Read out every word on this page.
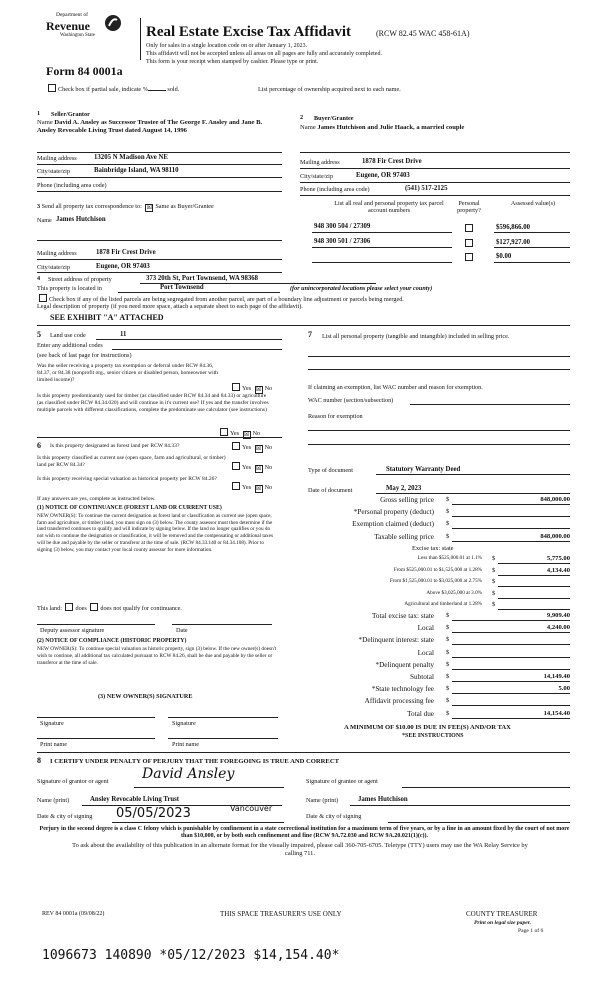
Department of
Revenue
Washington State	Real Estate Excise Tax Affidavit	(RCW 82.45 WAC 458-61A)
Only for sales in a single location code on or after January 1, 2023.
This affidavit will not be accepted unless all areas on all pages are fully and accurately completed.
This form is your receipt when stamped by cashier. Please type or print.
Form 84 0001a
Check box if partial sale, indicate %	sold.	List percentage of ownership acquired next to each name.
1 Seller/Grantor
Name David A. Ansley as Successor Trustee of The George F. Ansley and Jane B. Ansley Revocable Living Trust dated August 14, 1996
Mailing address	13205 N Madison Ave NE
City/state/zip	Bainbridge Island, WA 98110
Phone (including area code)
2 Buyer/Grantee
Name James Hutchison and Julie Haack, a married couple
Mailing address	1878 Fir Crest Drive
City/state/zip	Eugene, OR 97403
Phone (including area code)	(541) 517-2125
List all real and personal property tax parcel account numbers
Personal property?
Assessed value(s)
948 300 504 / 27309	$596,866.00
948 300 501 / 27306	$127,927.00
$0.00
3 Send all property tax correspondence to: ☒ Same as Buyer/Grantee
Name James Hutchison
Mailing address	1878 Fir Crest Drive
City/state/zip	Eugene, OR 97403
4 Street address of property	373 20th St, Port Townsend, WA 98368
This property is located in	Port Townsend	(for unincorporated locations please select your county)
Check box if any of the listed parcels are being segregated from another parcel, are part of a boundary line adjustment or parcels being merged.
Legal description of property (if you need more space, attach a separate sheet to each page of the affidavit).
SEE EXHIBIT "A" ATTACHED
5 Land use code	11
Enter any additional codes
(see back of last page for instructions)
Was the seller receiving a property tax exemption or deferral under RCW 84.36, 84.37, or 84.38 (nonprofit org., senior citizen or disabled person, homeowner with limited income)?
Yes ☒ No
Is this property predominantly used for timber (as classified under RCW 84.34 and 84.33) or agriculture (as classified under RCW 84.34.020) and will continue in it's current use? If yes and the transfer involves multiple parcels with different classifications, complete the predominate use calculator (see instructions)
Yes ☒ No
6 Is this property designated as forest land per RCW 84.33?	Yes ☒ No
Is this property classified as current use (open space, farm and agricultural, or timber) land per RCW 84.34?	Yes ☒ No
Is this property receiving special valuation as historical property per RCW 84.26?
Yes ☒ No
If any answers are yes, complete as instructed below.
(1) NOTICE OF CONTINUANCE (FOREST LAND OR CURRENT USE)
NEW OWNER(S): To continue the current designation as forest land or classification as current use (open space, farm and agriculture, or timber) land, you must sign on (3) below. The county assessor must then determine if the land transferred continues to qualify and will indicate by signing below. If the land no longer qualifies or you do not wish to continue the designation or classification, it will be removed and the compensating or additional taxes will be due and payable by the seller or transferor at the time of sale. (RCW 84.33.140 or 84.34.108). Prior to signing (3) below, you may contact your local county assessor for more information.
This land: does does not qualify for continuance.
Deputy assessor signature	Date
(2) NOTICE OF COMPLIANCE (HISTORIC PROPERTY)
NEW OWNER(S): To continue special valuation as historic property, sign (3) below. If the new owner(s) doesn't wish to continue, all additional tax calculated pursuant to RCW 84.26, shall be due and payable by the seller or transferor at the time of sale.
(3) NEW OWNER(S) SIGNATURE
Signature	Signature
Print name	Print name
7	List all personal property (tangible and intangible) included in selling price.
If claiming an exemption, list WAC number and reason for exemption.
WAC number (section/subsection)
Reason for exemption
Type of document	Statutory Warranty Deed
Date of document	May 2, 2023
Gross selling price $	848,000.00
*Personal property (deduct) $
Exemption claimed (deduct) $
Taxable selling price $	848,000.00
Excise tax: state
Less than $525,000.01 at 1.1% $	5,775.00
From $525,000.01 to $1,525,000 at 1.28% $	4,134.40
From $1,525,000.01 to $3,025,000 at 2.75% $
Above $3,025,000 at 3.0% $
Agricultural and timberland at 1.28% $
Total excise tax: state $	9,909.40
Local $	4,240.00
*Delinquent interest: state $
Local $
*Delinquent penalty $
Subtotal $	14,149.40
*State technology fee $	5.00
Affidavit processing fee $
Total due $	14,154.40
A MINIMUM OF $10.00 IS DUE IN FEE(S) AND/OR TAX
*SEE INSTRUCTIONS
8 I CERTIFY UNDER PENALTY OF PERJURY THAT THE FOREGOING IS TRUE AND CORRECT
Signature of grantor or agent David Ansley	Signature of grantee or agent
Name (print)	Ansley Revocable Living Trust	Name (print)	James Hutchison
Date & city of signing 05/05/2023	Vancouver
Date & city of signing
Perjury in the second degree is a class C felony which is punishable by confinement in a state correctional institution for a maximum term of five years, or by a fine in an amount fixed by the court of not more than $10,000, or by both such confinement and fine (RCW 9A.72.030 and RCW 9A.20.021(1)(c)).
To ask about the availability of this publication in an alternate format for the visually impaired, please call 360-705-6705. Teletype (TTY) users may use the WA Relay Service by calling 711.
REV 84 0001a (09/08/22)	THIS SPACE TREASURER'S USE ONLY	COUNTY TREASURER
Print on legal size paper.
Page 1 of 6
1096673 140890 *05/12/2023 $14,154.40*
